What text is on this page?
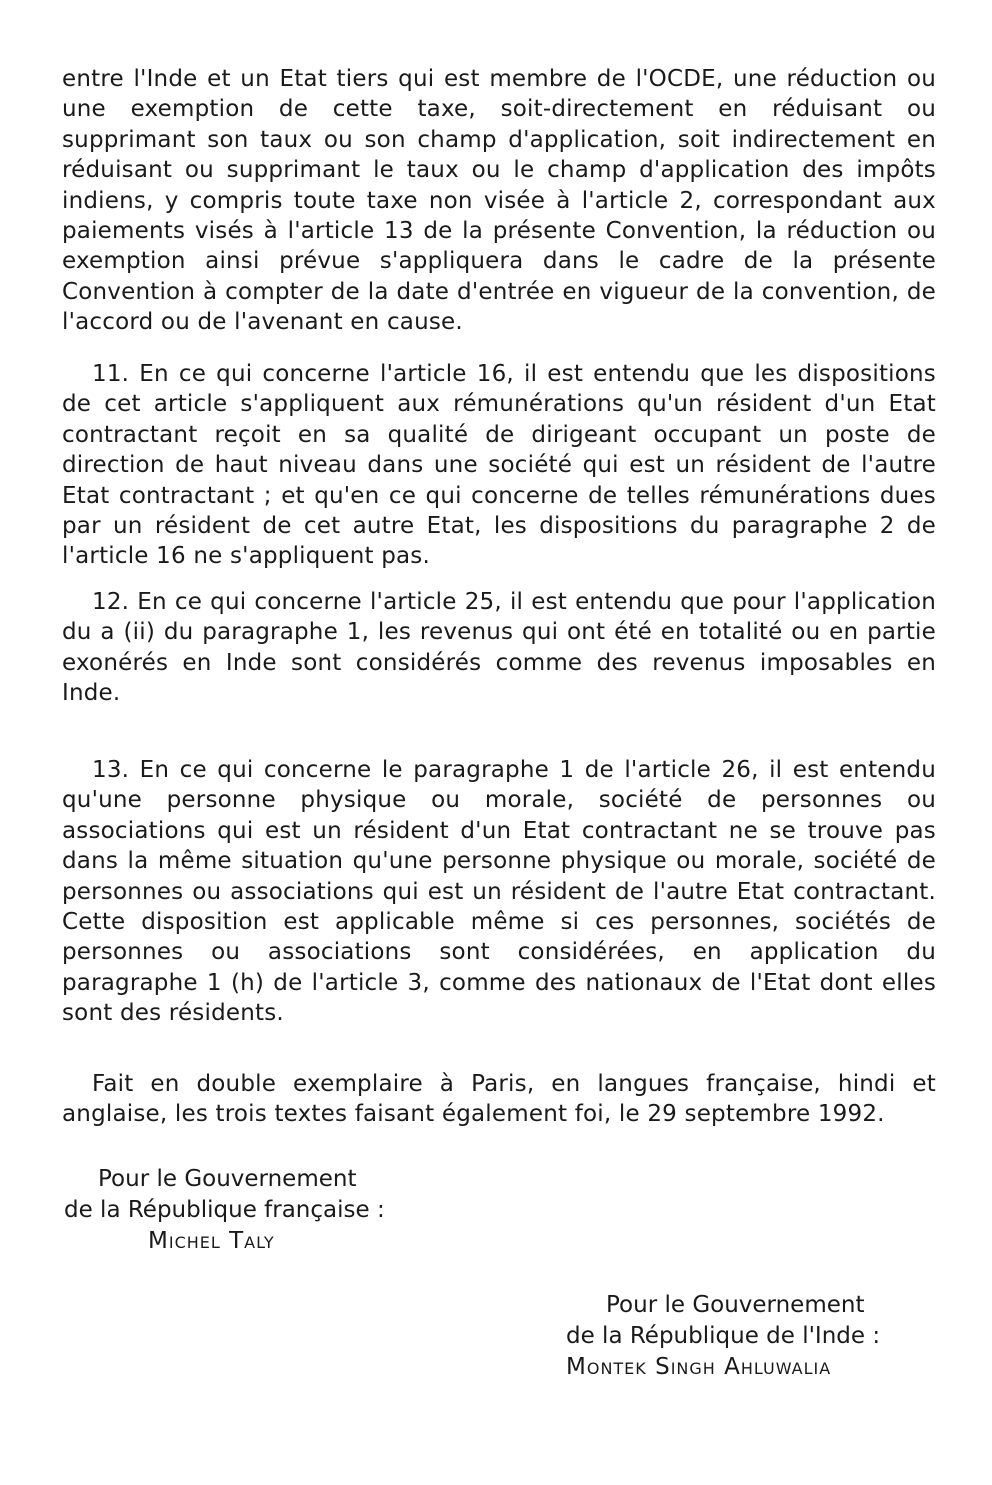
entre l'Inde et un Etat tiers qui est membre de l'OCDE, une réduction ou une exemption de cette taxe, soit-directement en réduisant ou supprimant son taux ou son champ d'application, soit indirectement en réduisant ou supprimant le taux ou le champ d'application des impôts indiens, y compris toute taxe non visée à l'article 2, correspondant aux paiements visés à l'article 13 de la présente Convention, la réduction ou exemption ainsi prévue s'appliquera dans le cadre de la présente Convention à compter de la date d'entrée en vigueur de la convention, de l'accord ou de l'avenant en cause.

11. En ce qui concerne l'article 16, il est entendu que les dispositions de cet article s'appliquent aux rémunérations qu'un résident d'un Etat contractant reçoit en sa qualité de dirigeant occupant un poste de direction de haut niveau dans une société qui est un résident de l'autre Etat contractant ; et qu'en ce qui concerne de telles rémunérations dues par un résident de cet autre Etat, les dispositions du paragraphe 2 de l'article 16 ne s'appliquent pas.

12. En ce qui concerne l'article 25, il est entendu que pour l'application du a (ii) du paragraphe 1, les revenus qui ont été en totalité ou en partie exonérés en Inde sont considérés comme des revenus imposables en Inde.

13. En ce qui concerne le paragraphe 1 de l'article 26, il est entendu qu'une personne physique ou morale, société de personnes ou associations qui est un résident d'un Etat contractant ne se trouve pas dans la même situation qu'une personne physique ou morale, société de personnes ou associations qui est un résident de l'autre Etat contractant. Cette disposition est applicable même si ces personnes, sociétés de personnes ou associations sont considérées, en application du paragraphe 1 (h) de l'article 3, comme des nationaux de l'Etat dont elles sont des résidents.

Fait en double exemplaire à Paris, en langues française, hindi et anglaise, les trois textes faisant également foi, le 29 septembre 1992.

Pour le Gouvernement
de la République française :
Michel Taly
Pour le Gouvernement
de la République de l'Inde :
Montek Singh Ahluwalia
